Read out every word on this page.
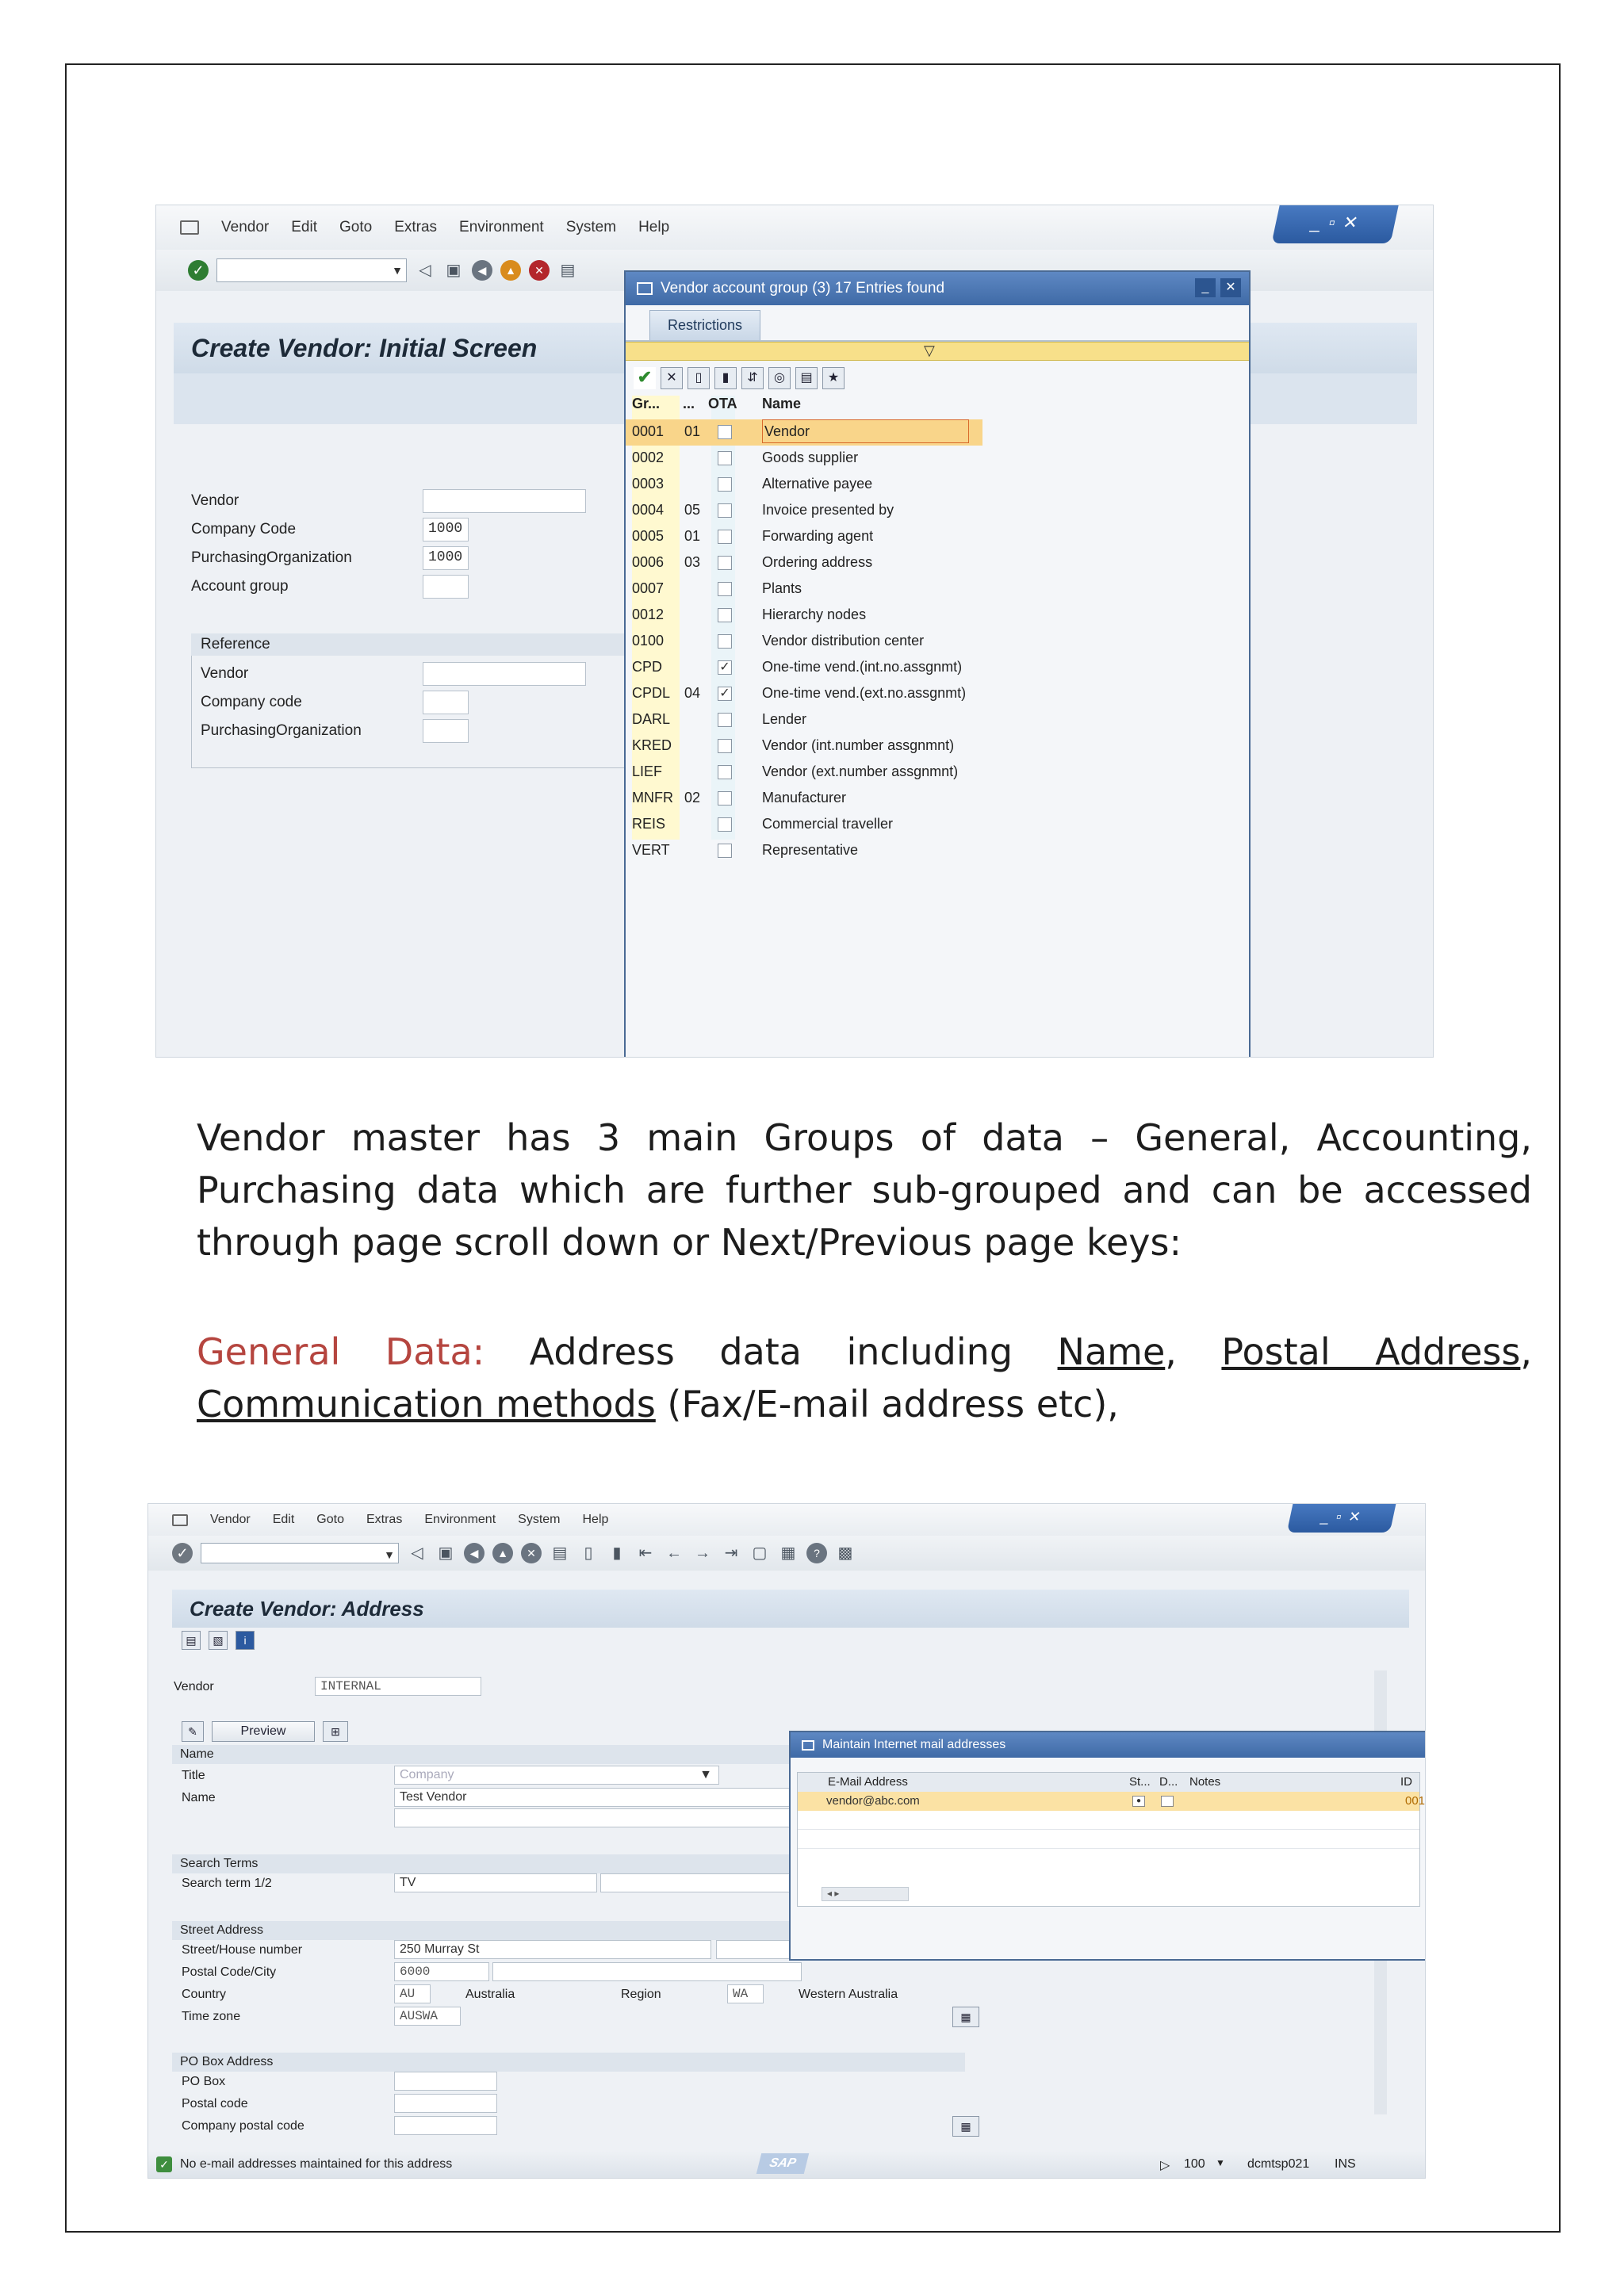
Vendor Edit Goto Extras Environment System Help	_ ▫ ✕
✓	▼ ◁ ▣	◀	▲	✕	▤
Create Vendor: Initial Screen
Vendor
Company Code	1000
PurchasingOrganization	1000
Account group
Reference
Vendor
Company code
PurchasingOrganization
Vendor account group (3) 17 Entries found	_	✕
Restrictions
▽
✔	✕	▯	▮	⇵	◎	▤	★
Gr... ... OTA Name
0001 01	Vendor
0002	Goods supplier
0003	Alternative payee
0004 05	Invoice presented by
0005 01	Forwarding agent
0006 03	Ordering address
0007	Plants
0012	Hierarchy nodes
0100	Vendor distribution center
CPD	✓ One-time vend.(int.no.assgnmt)
CPDL 04 ✓ One-time vend.(ext.no.assgnmt)
DARL	Lender
KRED	Vendor (int.number assgnmnt)
LIEF	Vendor (ext.number assgnmnt)
MNFR 02	Manufacturer
REIS	Commercial traveller
VERT	Representative
Vendor master has 3 main Groups of data – General, Accounting, Purchasing data which are further sub-grouped and can be accessed through page scroll down or Next/Previous page keys:
General Data: Address data including Name, Postal Address, Communication methods (Fax/E-mail address etc),
Vendor Edit Goto Extras Environment System Help	_ ▫ ✕
✓	▼ ◁ ▣	◀	▲	✕	▤	▯	▮	⇤ ← → ⇥ ▢ ▦	?	▩
Create Vendor: Address
▤	▧	i
Vendor	INTERNAL
✎	Preview	⊞
Name
Title	Company	▼
Name	Test Vendor
Search Terms
Search term 1/2	TV
Street Address
Street/House number	250 Murray St
Postal Code/City	6000
Country	AU	Australia	Region	WA	Western Australia
Time zone	AUSWA	▦
PO Box Address
PO Box
Postal code
Company postal code	▦
Maintain Internet mail addresses
E-Mail Address	St... D... Notes	ID
vendor@abc.com	●	001
◂ ▸
✓ No e-mail addresses maintained for this address	SAP	▷ 100 ▼ dcmtsp021 INS
